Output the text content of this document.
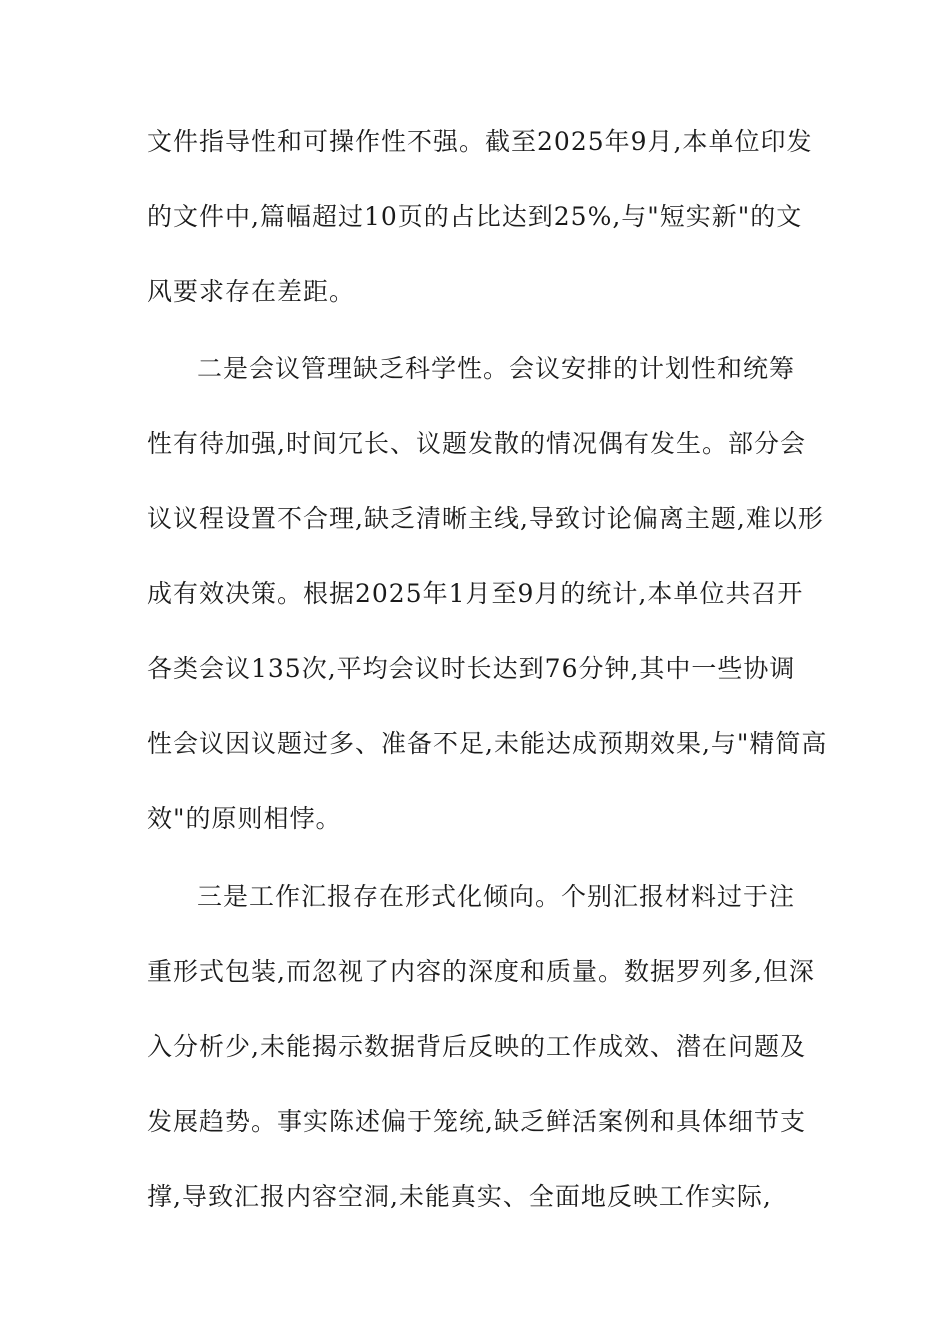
文件指导性和可操作性不强。截至2025年9月,本单位印发
的文件中,篇幅超过10页的占比达到25%,与"短实新"的文
风要求存在差距。
二是会议管理缺乏科学性。会议安排的计划性和统筹
性有待加强,时间冗长、议题发散的情况偶有发生。部分会
议议程设置不合理,缺乏清晰主线,导致讨论偏离主题,难以形
成有效决策。根据2025年1月至9月的统计,本单位共召开
各类会议135次,平均会议时长达到76分钟,其中一些协调
性会议因议题过多、准备不足,未能达成预期效果,与"精简高
效"的原则相悖。
三是工作汇报存在形式化倾向。个别汇报材料过于注
重形式包装,而忽视了内容的深度和质量。数据罗列多,但深
入分析少,未能揭示数据背后反映的工作成效、潜在问题及
发展趋势。事实陈述偏于笼统,缺乏鲜活案例和具体细节支
撑,导致汇报内容空洞,未能真实、全面地反映工作实际,
